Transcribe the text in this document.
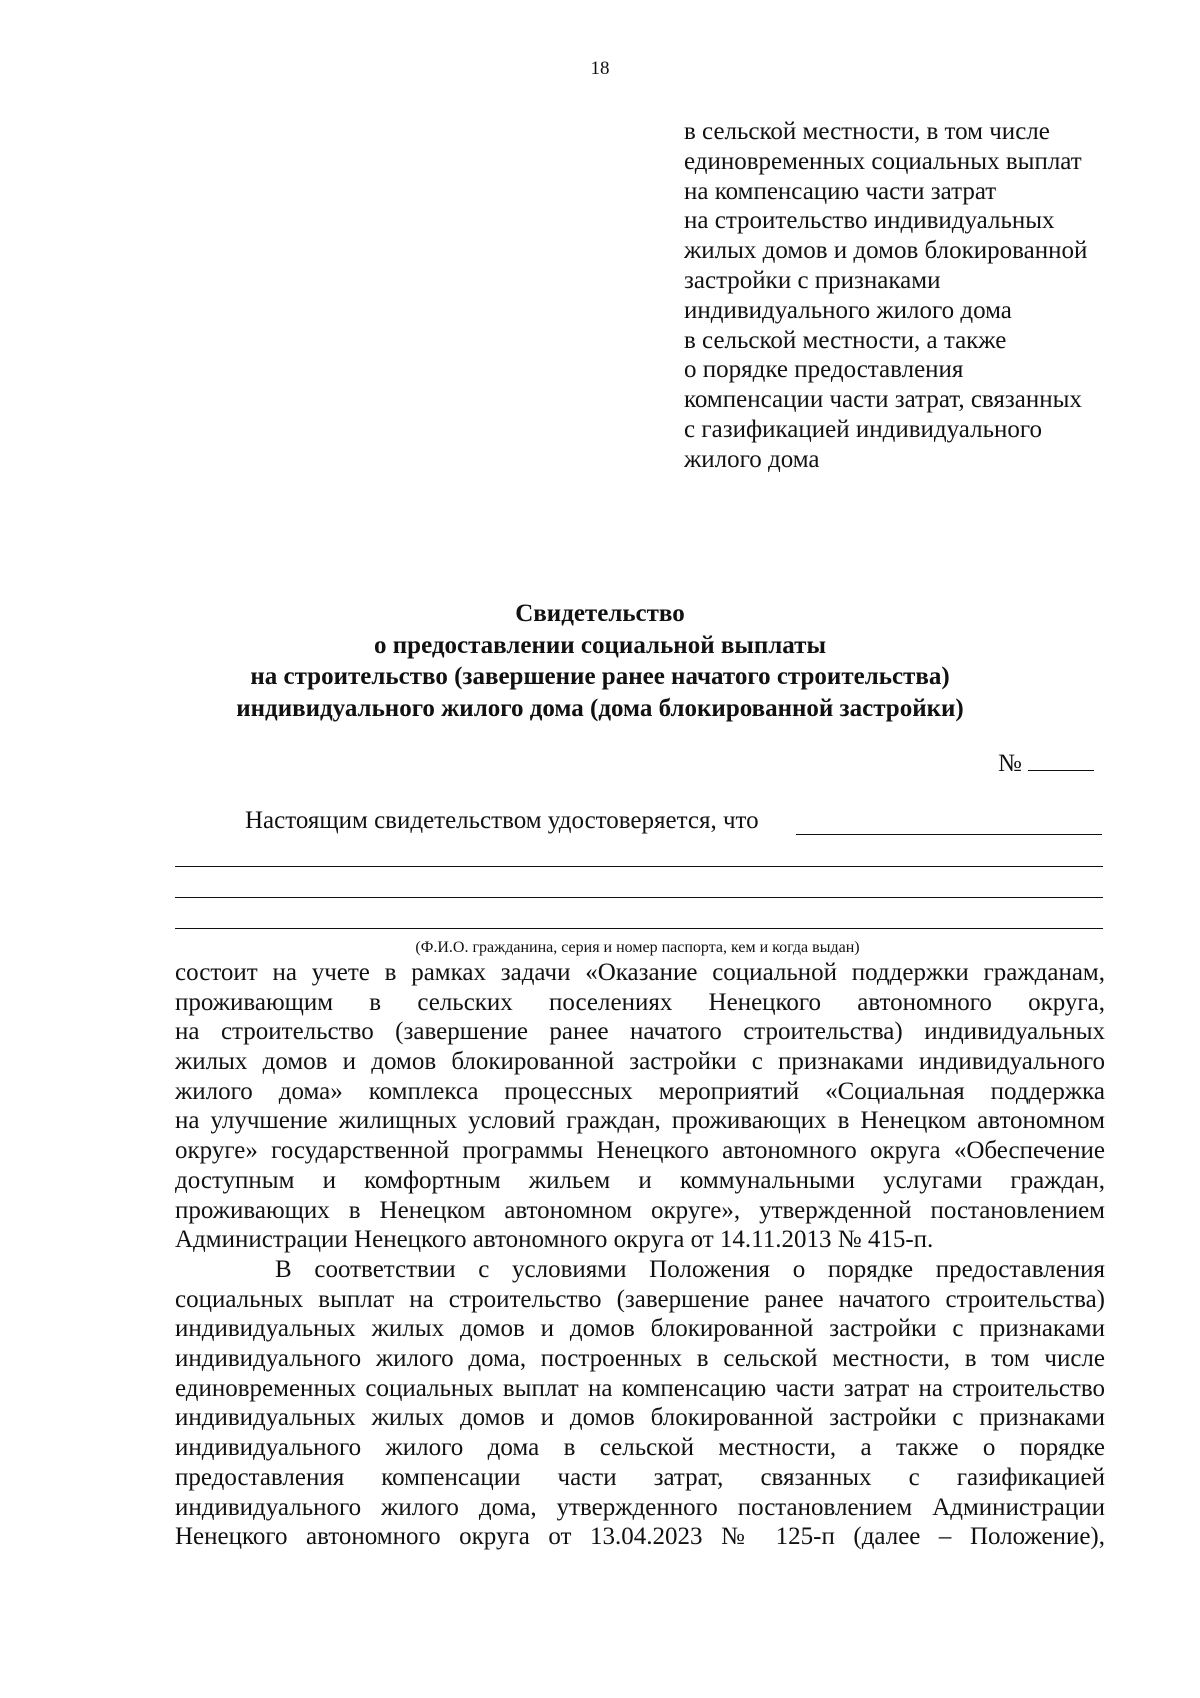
18
в сельской местности, в том числе
единовременных социальных выплат
на компенсацию части затрат
на строительство индивидуальных
жилых домов и домов блокированной
застройки с признаками
индивидуального жилого дома
в сельской местности, а также
о порядке предоставления
компенсации части затрат, связанных
с газификацией индивидуального
жилого дома
Свидетельство
о предоставлении социальной выплаты
на строительство (завершение ранее начатого строительства)
индивидуального жилого дома (дома блокированной застройки)
№
Настоящим свидетельством удостоверяется, что
(Ф.И.О. гражданина, серия и номер паспорта, кем и когда выдан)
состоит на учете в рамках задачи «Оказание социальной поддержки гражданам,
проживающим в сельских поселениях Ненецкого автономного округа,
на строительство (завершение ранее начатого строительства) индивидуальных
жилых домов и домов блокированной застройки с признаками индивидуального
жилого дома» комплекса процессных мероприятий «Социальная поддержка
на улучшение жилищных условий граждан, проживающих в Ненецком автономном
округе» государственной программы Ненецкого автономного округа «Обеспечение
доступным и комфортным жильем и коммунальными услугами граждан,
проживающих в Ненецком автономном округе», утвержденной постановлением
Администрации Ненецкого автономного округа от 14.11.2013 № 415-п.
В соответствии с условиями Положения о порядке предоставления
социальных выплат на строительство (завершение ранее начатого строительства)
индивидуальных жилых домов и домов блокированной застройки с признаками
индивидуального жилого дома, построенных в сельской местности, в том числе
единовременных социальных выплат на компенсацию части затрат на строительство
индивидуальных жилых домов и домов блокированной застройки с признаками
индивидуального жилого дома в сельской местности, а также о порядке
предоставления компенсации части затрат, связанных с газификацией
индивидуального жилого дома, утвержденного постановлением Администрации
Ненецкого автономного округа от 13.04.2023 № 125-п (далее – Положение),
